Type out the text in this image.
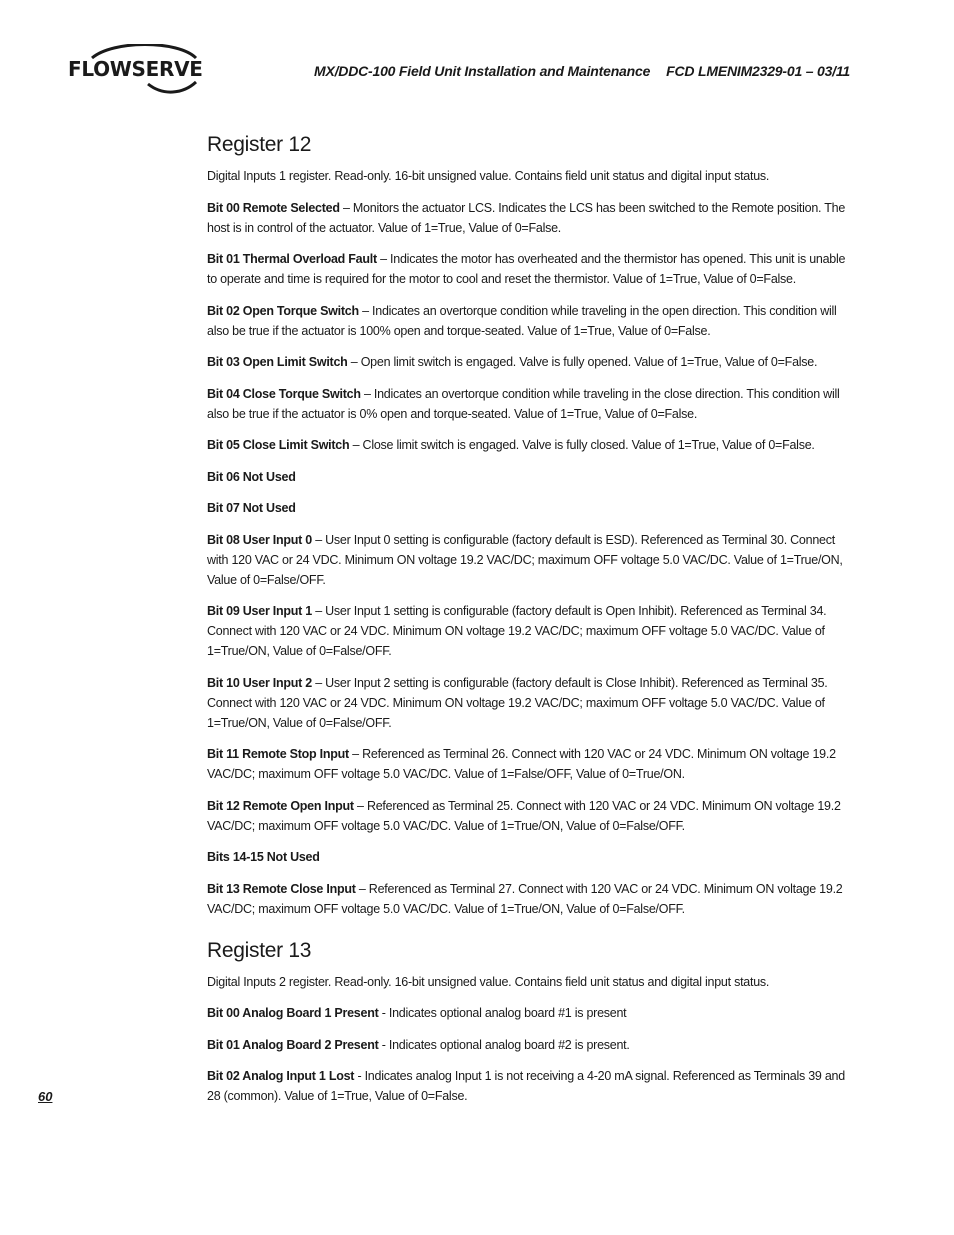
FLOWSERVE	MX/DDC-100 Field Unit Installation and Maintenance FCD LMENIM2329-01 – 03/11
Register 12

Digital Inputs 1 register. Read-only. 16-bit unsigned value. Contains field unit status and digital input status.

Bit 00 Remote Selected – Monitors the actuator LCS. Indicates the LCS has been switched to the Remote position. The host is in control of the actuator. Value of 1=True, Value of 0=False.

Bit 01 Thermal Overload Fault – Indicates the motor has overheated and the thermistor has opened. This unit is unable to operate and time is required for the motor to cool and reset the thermistor. Value of 1=True, Value of 0=False.

Bit 02 Open Torque Switch – Indicates an overtorque condition while traveling in the open direction. This condition will also be true if the actuator is 100% open and torque-seated. Value of 1=True, Value of 0=False.

Bit 03 Open Limit Switch – Open limit switch is engaged. Valve is fully opened. Value of 1=True, Value of 0=False.

Bit 04 Close Torque Switch – Indicates an overtorque condition while traveling in the close direction. This condition will also be true if the actuator is 0% open and torque-seated. Value of 1=True, Value of 0=False.

Bit 05 Close Limit Switch – Close limit switch is engaged. Valve is fully closed. Value of 1=True, Value of 0=False.

Bit 06 Not Used

Bit 07 Not Used

Bit 08 User Input 0 – User Input 0 setting is configurable (factory default is ESD). Referenced as Terminal 30. Connect with 120 VAC or 24 VDC. Minimum ON voltage 19.2 VAC/DC; maximum OFF voltage 5.0 VAC/DC. Value of 1=True/ON, Value of 0=False/OFF.

Bit 09 User Input 1 – User Input 1 setting is configurable (factory default is Open Inhibit). Referenced as Terminal 34. Connect with 120 VAC or 24 VDC. Minimum ON voltage 19.2 VAC/DC; maximum OFF voltage 5.0 VAC/DC. Value of 1=True/ON, Value of 0=False/OFF.

Bit 10 User Input 2 – User Input 2 setting is configurable (factory default is Close Inhibit). Referenced as Terminal 35. Connect with 120 VAC or 24 VDC. Minimum ON voltage 19.2 VAC/DC; maximum OFF voltage 5.0 VAC/DC. Value of 1=True/ON, Value of 0=False/OFF.

Bit 11 Remote Stop Input – Referenced as Terminal 26. Connect with 120 VAC or 24 VDC. Minimum ON voltage 19.2 VAC/DC; maximum OFF voltage 5.0 VAC/DC. Value of 1=False/OFF, Value of 0=True/ON.

Bit 12 Remote Open Input – Referenced as Terminal 25. Connect with 120 VAC or 24 VDC. Minimum ON voltage 19.2 VAC/DC; maximum OFF voltage 5.0 VAC/DC. Value of 1=True/ON, Value of 0=False/OFF.

Bits 14-15 Not Used

Bit 13 Remote Close Input – Referenced as Terminal 27. Connect with 120 VAC or 24 VDC. Minimum ON voltage 19.2 VAC/DC; maximum OFF voltage 5.0 VAC/DC. Value of 1=True/ON, Value of 0=False/OFF.

Register 13

Digital Inputs 2 register. Read-only. 16-bit unsigned value. Contains field unit status and digital input status.

Bit 00 Analog Board 1 Present - Indicates optional analog board #1 is present

Bit 01 Analog Board 2 Present - Indicates optional analog board #2 is present.

Bit 02 Analog Input 1 Lost - Indicates analog Input 1 is not receiving a 4-20 mA signal. Referenced as Terminals 39 and 28 (common). Value of 1=True, Value of 0=False.

60
